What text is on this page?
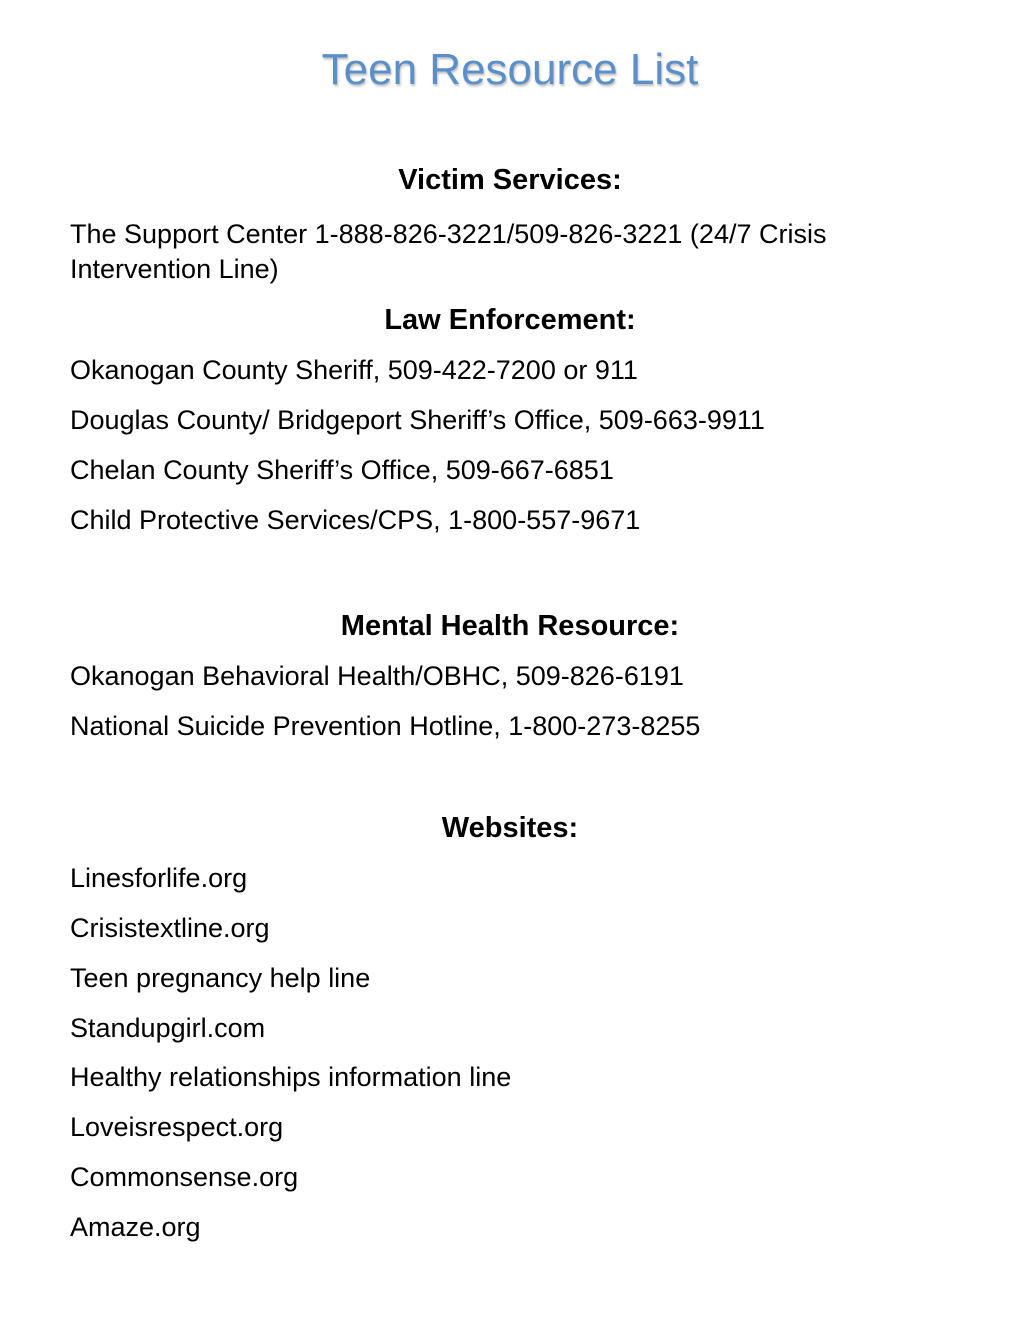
Teen Resource List
Victim Services:

The Support Center 1-888-826-3221/509-826-3221 (24/7 Crisis Intervention Line)

Law Enforcement:

Okanogan County Sheriff, 509-422-7200 or 911

Douglas County/ Bridgeport Sheriff’s Office, 509-663-9911

Chelan County Sheriff’s Office, 509-667-6851

Child Protective Services/CPS, 1-800-557-9671

Mental Health Resource:

Okanogan Behavioral Health/OBHC, 509-826-6191

National Suicide Prevention Hotline, 1-800-273-8255

Websites:

Linesforlife.org

Crisistextline.org

Teen pregnancy help line

Standupgirl.com

Healthy relationships information line

Loveisrespect.org

Commonsense.org

Amaze.org
